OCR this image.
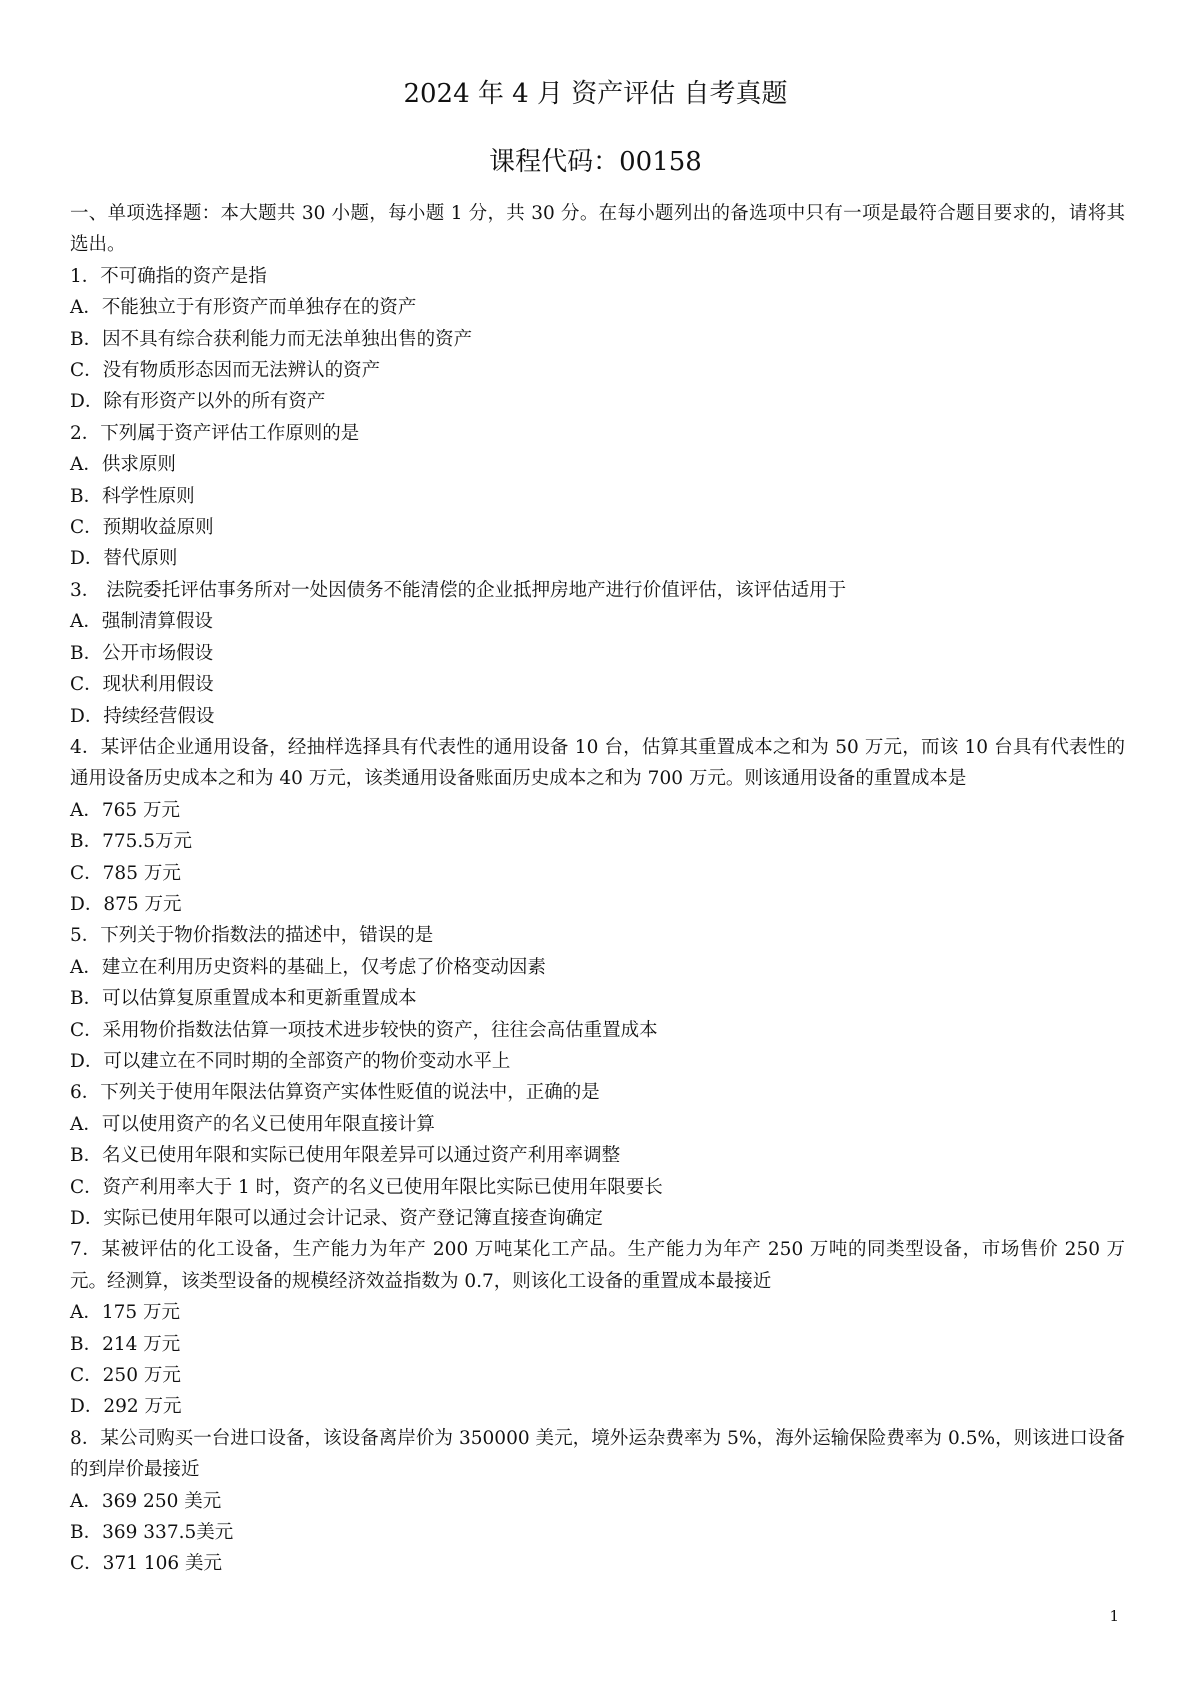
2024 年 4 月 资产评估 自考真题
课程代码：00158

一、单项选择题：本大题共 30 小题，每小题 1 分，共 30 分。在每小题列出的备选项中只有一项是最符合题目要求的，请将其选出。

1．不可确指的资产是指

A．不能独立于有形资产而单独存在的资产

B．因不具有综合获利能力而无法单独出售的资产

C．没有物质形态因而无法辨认的资产

D．除有形资产以外的所有资产

2．下列属于资产评估工作原则的是

A．供求原则

B．科学性原则

C．预期收益原则

D．替代原则

3． 法院委托评估事务所对一处因债务不能清偿的企业抵押房地产进行价值评估，该评估适用于

A．强制清算假设

B．公开市场假设

C．现状利用假设

D．持续经营假设

4．某评估企业通用设备，经抽样选择具有代表性的通用设备 10 台，估算其重置成本之和为 50 万元，而该 10 台具有代表性的通用设备历史成本之和为 40 万元，该类通用设备账面历史成本之和为 700 万元。则该通用设备的重置成本是

A．765 万元

B．775.5万元

C．785 万元

D．875 万元

5．下列关于物价指数法的描述中，错误的是

A．建立在利用历史资料的基础上，仅考虑了价格变动因素

B．可以估算复原重置成本和更新重置成本

C．采用物价指数法估算一项技术进步较快的资产，往往会高估重置成本

D．可以建立在不同时期的全部资产的物价变动水平上

6．下列关于使用年限法估算资产实体性贬值的说法中，正确的是

A．可以使用资产的名义已使用年限直接计算

B．名义已使用年限和实际已使用年限差异可以通过资产利用率调整

C．资产利用率大于 1 时，资产的名义已使用年限比实际已使用年限要长

D．实际已使用年限可以通过会计记录、资产登记簿直接查询确定

7．某被评估的化工设备，生产能力为年产 200 万吨某化工产品。生产能力为年产 250 万吨的同类型设备，市场售价 250 万元。经测算，该类型设备的规模经济效益指数为 0.7，则该化工设备的重置成本最接近

A．175 万元

B．214 万元

C．250 万元

D．292 万元

8．某公司购买一台进口设备，该设备离岸价为 350000 美元，境外运杂费率为 5%，海外运输保险费率为 0.5%，则该进口设备的到岸价最接近

A．369 250 美元

B．369 337.5美元

C．371 106 美元

1
